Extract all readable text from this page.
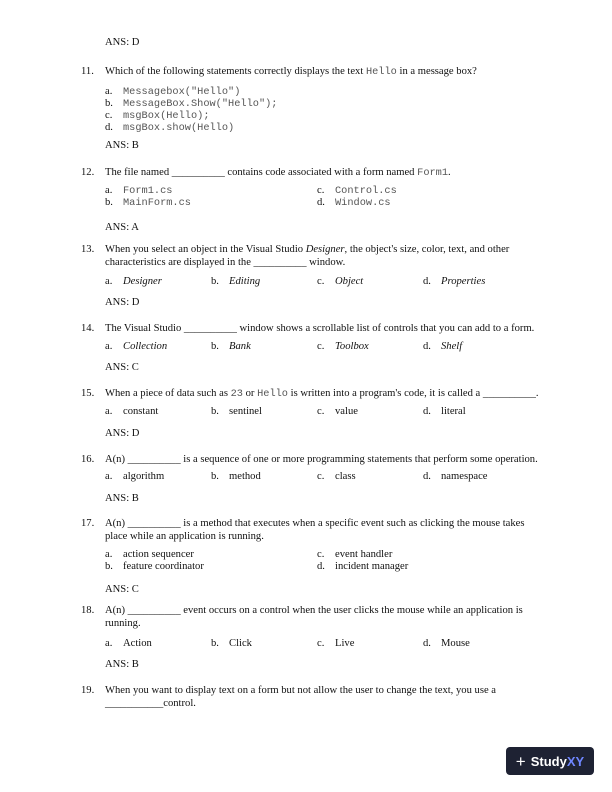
ANS: D
11. Which of the following statements correctly displays the text Hello in a message box?
a. Messagebox("Hello")
b. MessageBox.Show("Hello");
c. msgBox(Hello);
d. msgBox.show(Hello)
ANS: B
12. The file named __________ contains code associated with a form named Form1.
a. Form1.cs	c. Control.cs
b. MainForm.cs	d. Window.cs
ANS: A
13. When you select an object in the Visual Studio Designer, the object's size, color, text, and other
characteristics are displayed in the __________ window.
a. Designer	b. Editing	c. Object	d. Properties
ANS: D
14. The Visual Studio __________ window shows a scrollable list of controls that you can add to a form.
a. Collection	b. Bank	c. Toolbox	d. Shelf
ANS: C
15. When a piece of data such as 23 or Hello is written into a program's code, it is called a __________.
a. constant	b. sentinel	c. value	d. literal
ANS: D
16. A(n) __________ is a sequence of one or more programming statements that perform some operation.
a. algorithm	b. method	c. class	d. namespace
ANS: B
17. A(n) __________ is a method that executes when a specific event such as clicking the mouse takes
place while an application is running.
a. action sequencer	c. event handler
b. feature coordinator	d. incident manager
ANS: C
18. A(n) __________ event occurs on a control when the user clicks the mouse while an application is
running.
a. Action	b. Click	c. Live	d. Mouse
ANS: B
19. When you want to display text on a form but not allow the user to change the text, you use a
___________control.
+ StudyXY
